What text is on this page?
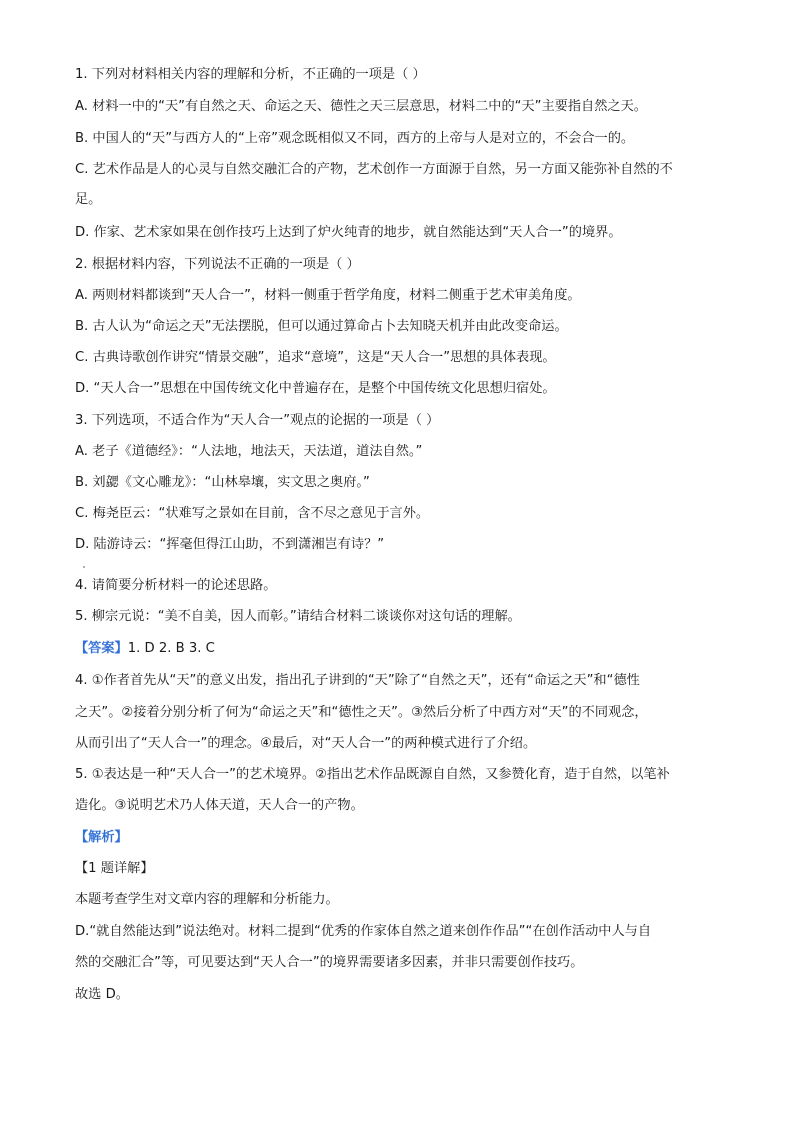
1. 下列对材料相关内容的理解和分析，不正确的一项是（ ）
A. 材料一中的“天”有自然之天、命运之天、德性之天三层意思，材料二中的“天”主要指自然之天。
B. 中国人的“天”与西方人的“上帝”观念既相似又不同，西方的上帝与人是对立的，不会合一的。
C. 艺术作品是人的心灵与自然交融汇合的产物，艺术创作一方面源于自然，另一方面又能弥补自然的不
足。
D. 作家、艺术家如果在创作技巧上达到了炉火纯青的地步，就自然能达到“天人合一”的境界。
2. 根据材料内容，下列说法不正确的一项是（ ）
A. 两则材料都谈到“天人合一”，材料一侧重于哲学角度，材料二侧重于艺术审美角度。
B. 古人认为“命运之天”无法摆脱，但可以通过算命占卜去知晓天机并由此改变命运。
C. 古典诗歌创作讲究“情景交融”，追求“意境”，这是“天人合一”思想的具体表现。
D. “天人合一”思想在中国传统文化中普遍存在，是整个中国传统文化思想归宿处。
3. 下列选项，不适合作为“天人合一”观点的论据的一项是（ ）
A. 老子《道德经》：“人法地，地法天，天法道，道法自然。”
B. 刘勰《文心雕龙》：“山林皋壤，实文思之奥府。”
C. 梅尧臣云：“状难写之景如在目前，含不尽之意见于言外。
D. 陆游诗云：“挥毫但得江山助，不到潇湘岂有诗？”
4. 请简要分析材料一的论述思路。
5. 柳宗元说：“美不自美，因人而彰。”请结合材料二谈谈你对这句话的理解。
【答案】1. D 2. B 3. C
4. ①作者首先从“天”的意义出发，指出孔子讲到的“天”除了“自然之天”，还有“命运之天”和“德性
之天”。②接着分别分析了何为“命运之天”和“德性之天”。③然后分析了中西方对“天”的不同观念，
从而引出了“天人合一”的理念。④最后，对“天人合一”的两种模式进行了介绍。
5. ①表达是一种“天人合一”的艺术境界。②指出艺术作品既源自自然，又参赞化育，造于自然，以笔补
造化。③说明艺术乃人体天道，天人合一的产物。
【解析】
【1 题详解】
本题考查学生对文章内容的理解和分析能力。
D.“就自然能达到”说法绝对。材料二提到“优秀的作家体自然之道来创作作品”“在创作活动中人与自
然的交融汇合”等，可见要达到“天人合一”的境界需要诸多因素，并非只需要创作技巧。
故选 D。
